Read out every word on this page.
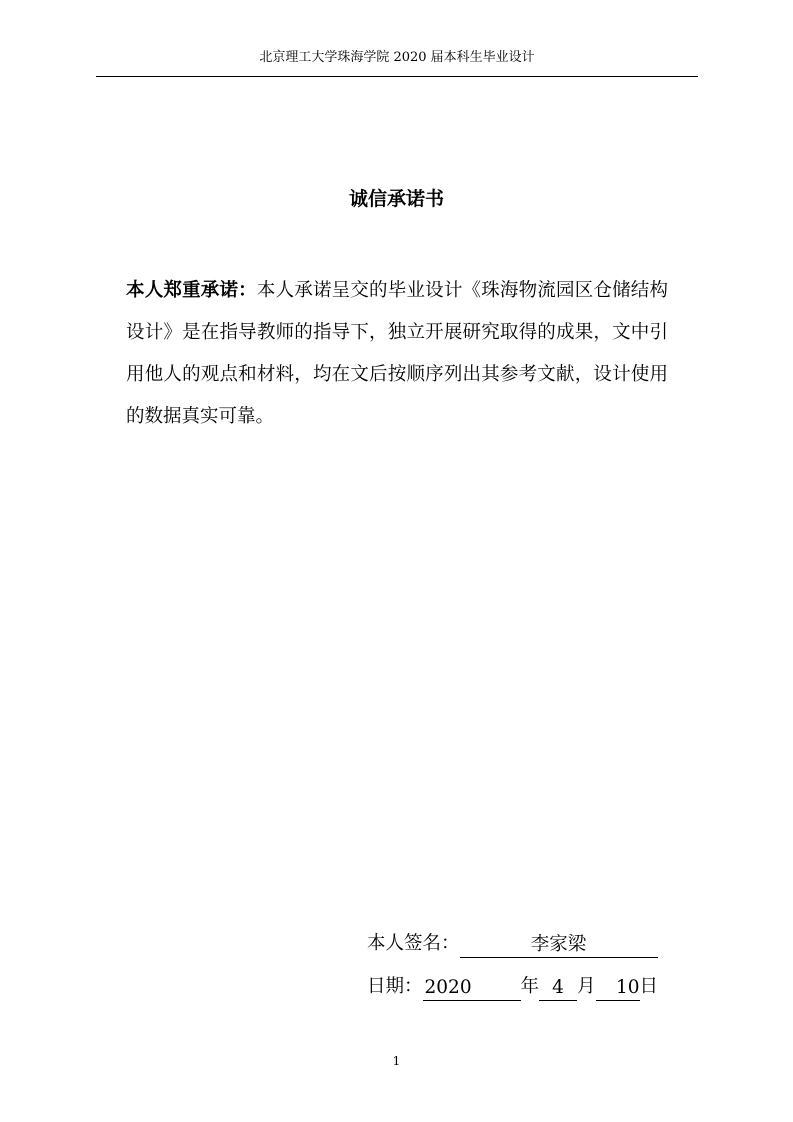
北京理工大学珠海学院 2020 届本科生毕业设计
诚信承诺书
本人郑重承诺：本人承诺呈交的毕业设计《珠海物流园区仓储结构设计》是在指导教师的指导下，独立开展研究取得的成果，文中引用他人的观点和材料，均在文后按顺序列出其参考文献，设计使用的数据真实可靠。
本人签名：	李家梁
日期： 2020	年 4 月 10日
1
